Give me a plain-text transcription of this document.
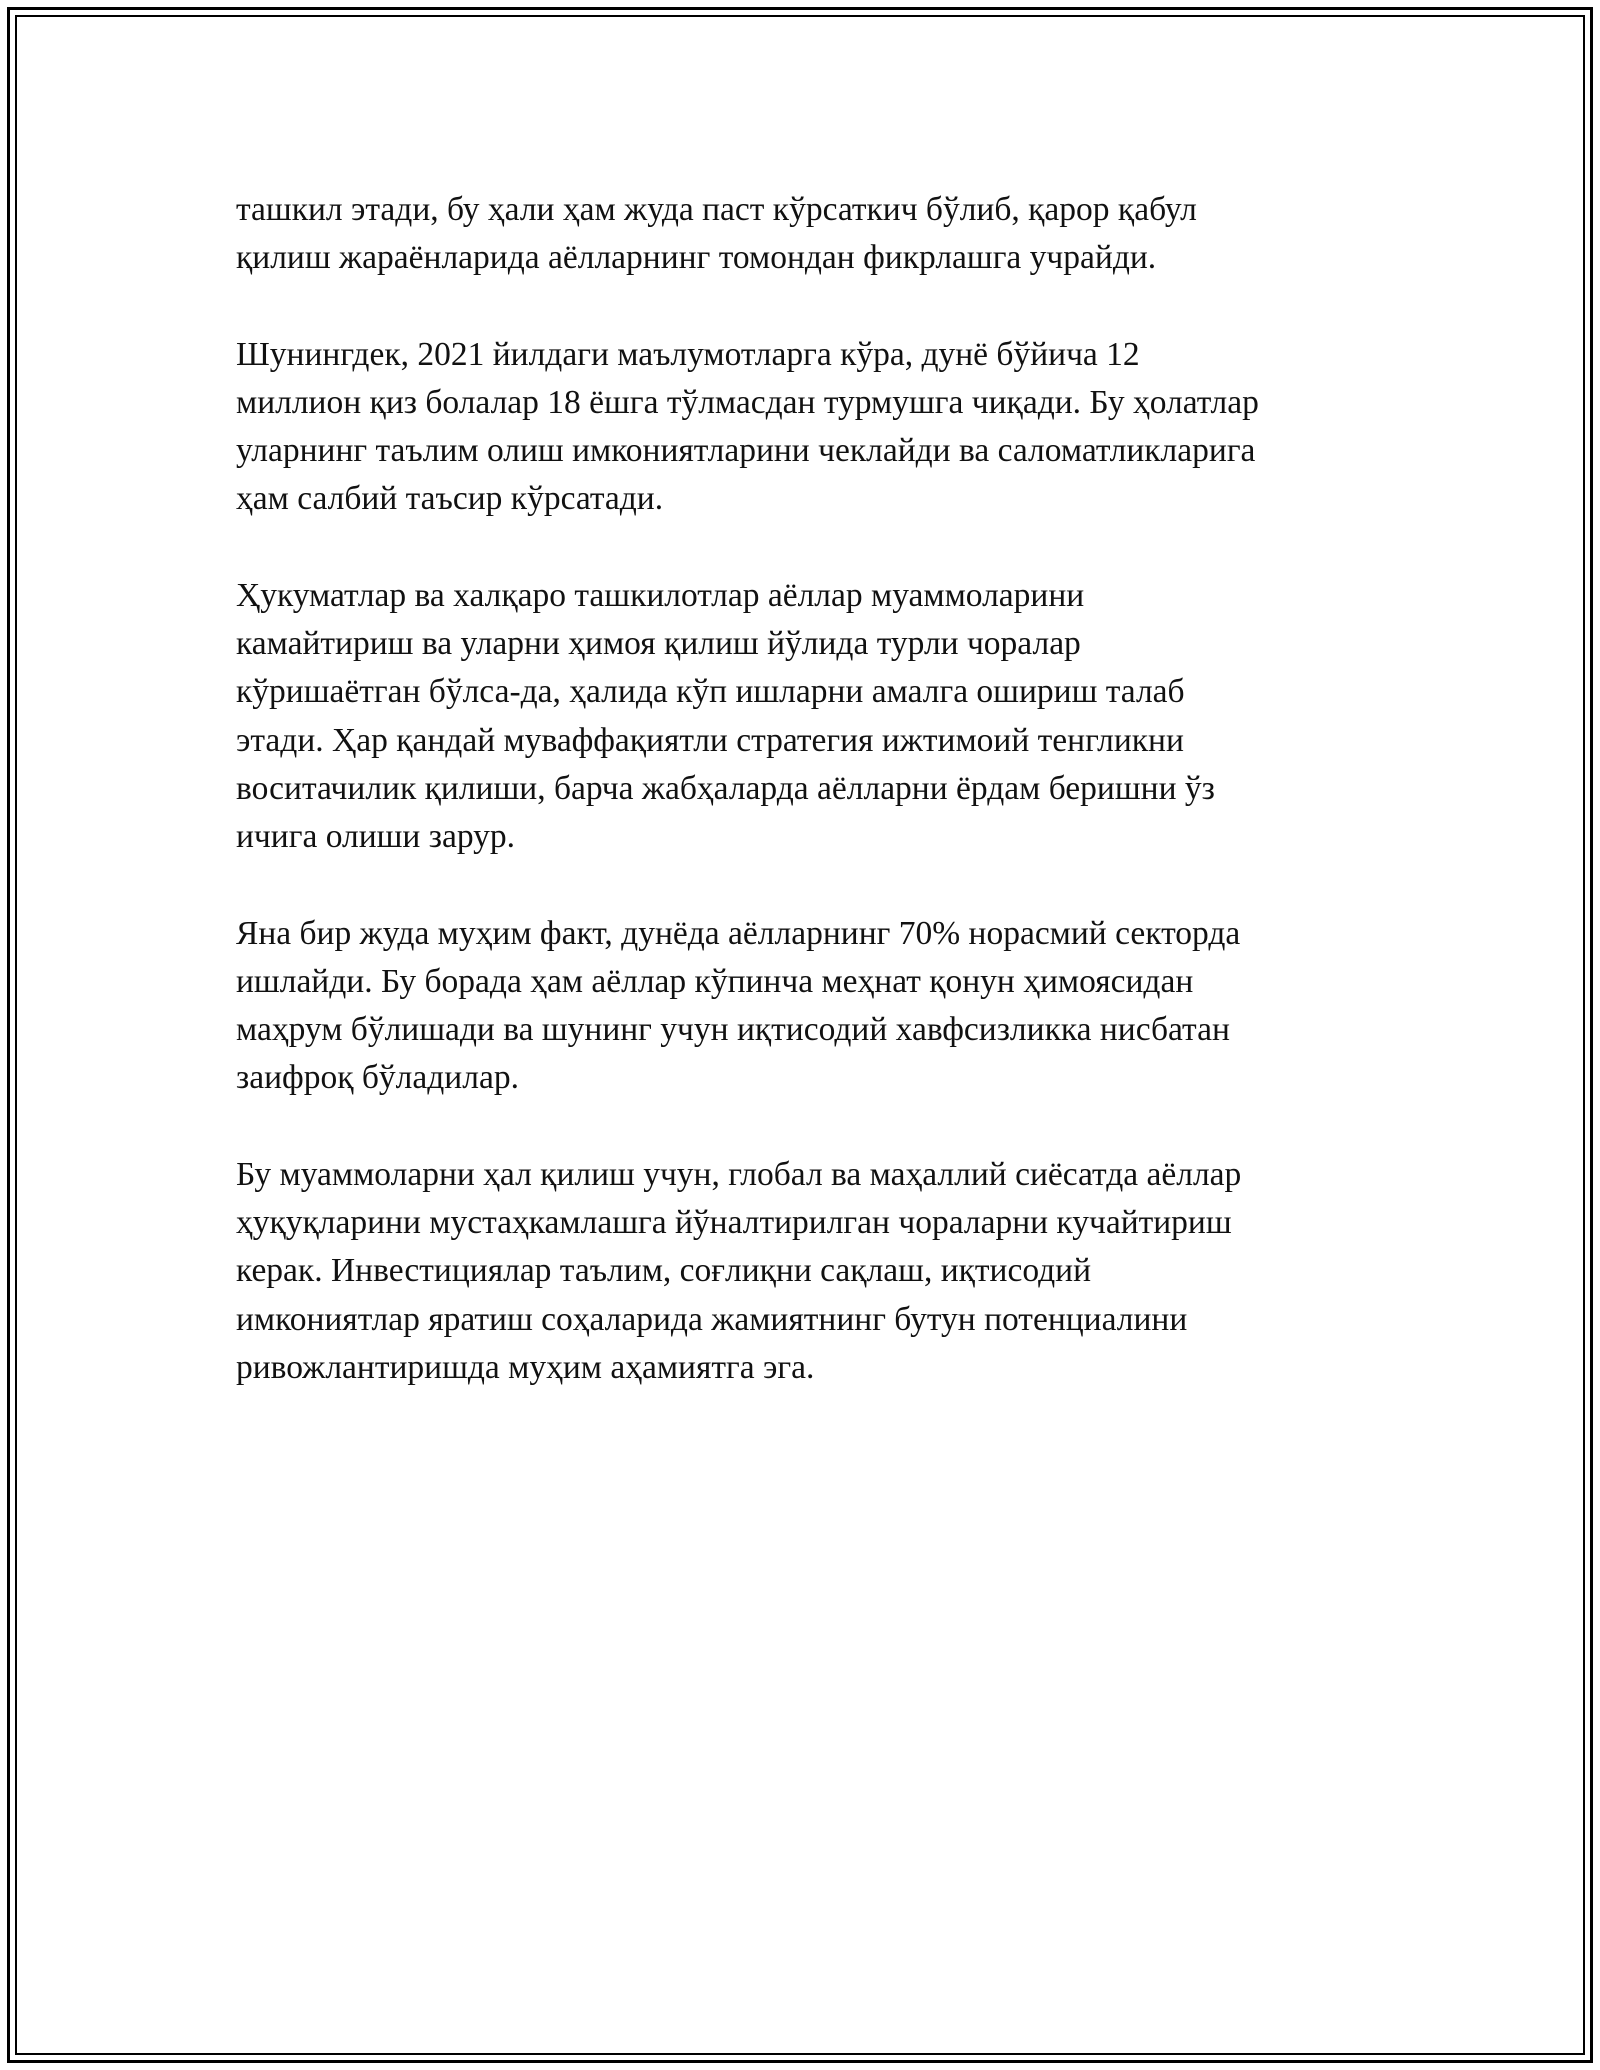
ташкил этади, бу ҳали ҳам жуда паст кўрсаткич бўлиб, қарор қабул
қилиш жараёнларида аёлларнинг томондан фикрлашга учрайди.

Шунингдек, 2021 йилдаги маълумотларга кўра, дунё бўйича 12
миллион қиз болалар 18 ёшга тўлмасдан турмушга чиқади. Бу ҳолатлар
уларнинг таълим олиш имкониятларини чеклайди ва саломатликларига
ҳам салбий таъсир кўрсатади.

Ҳукуматлар ва халқаро ташкилотлар аёллар муаммоларини
камайтириш ва уларни ҳимоя қилиш йўлида турли чоралар
кўришаётган бўлса-да, ҳалида кўп ишларни амалга ошириш талаб
этади. Ҳар қандай муваффақиятли стратегия ижтимоий тенгликни
воситачилик қилиши, барча жабҳаларда аёлларни ёрдам беришни ўз
ичига олиши зарур.

Яна бир жуда муҳим факт, дунёда аёлларнинг 70% норасмий секторда
ишлайди. Бу борада ҳам аёллар кўпинча меҳнат қонун ҳимоясидан
маҳрум бўлишади ва шунинг учун иқтисодий хавфсизликка нисбатан
заифроқ бўладилар.

Бу муаммоларни ҳал қилиш учун, глобал ва маҳаллий сиёсатда аёллар
ҳуқуқларини мустаҳкамлашга йўналтирилган чораларни кучайтириш
керак. Инвестициялар таълим, соғлиқни сақлаш, иқтисодий
имкониятлар яратиш соҳаларида жамиятнинг бутун потенциалини
ривожлантиришда муҳим аҳамиятга эга.
